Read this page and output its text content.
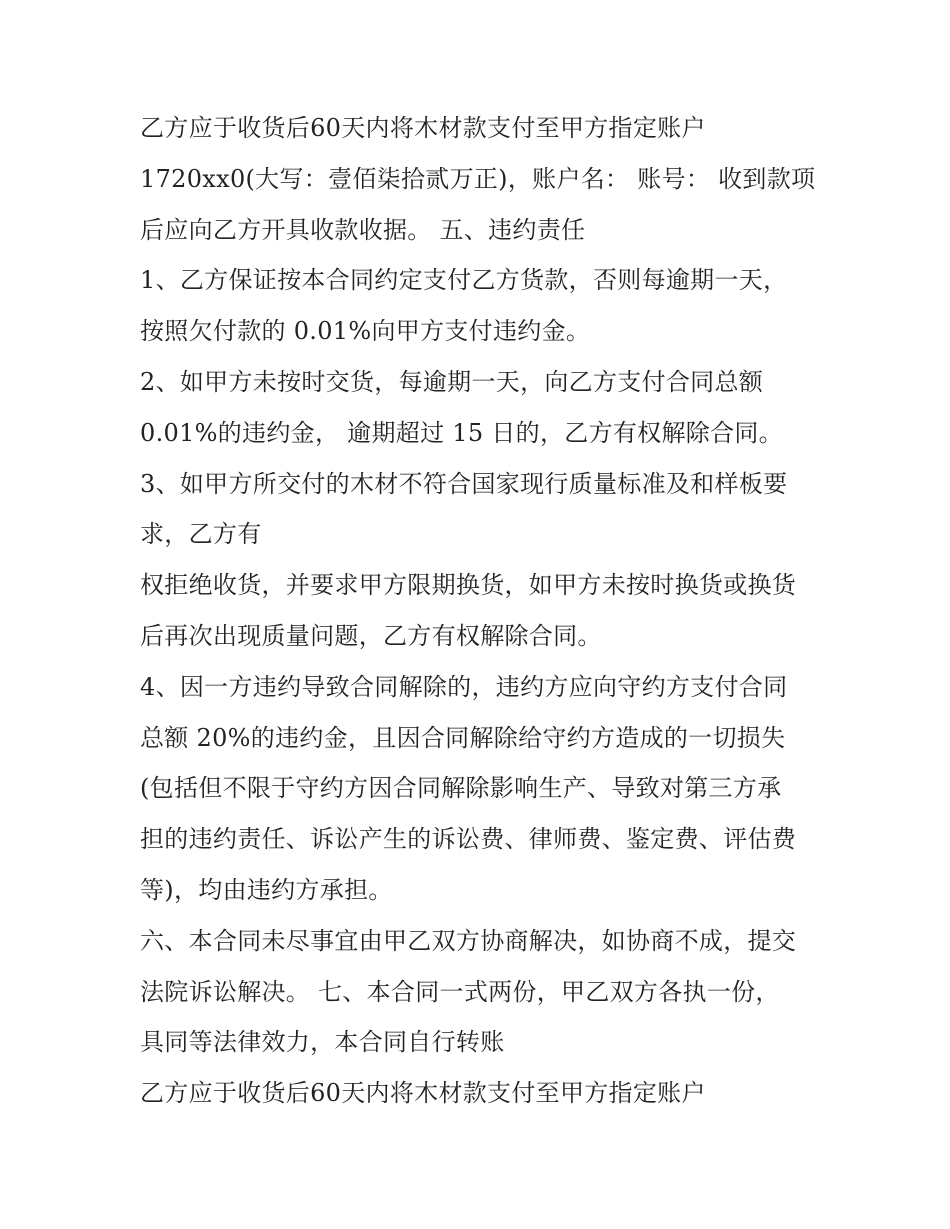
乙方应于收货后60天内将木材款支付至甲方指定账户
1720xx0(大写：壹佰柒拾贰万正)，账户名： 账号： 收到款项
后应向乙方开具收款收据。 五、违约责任
1、乙方保证按本合同约定支付乙方货款，否则每逾期一天，
按照欠付款的 0.01%向甲方支付违约金。
2、如甲方未按时交货，每逾期一天，向乙方支付合同总额
0.01%的违约金， 逾期超过 15 日的，乙方有权解除合同。
3、如甲方所交付的木材不符合国家现行质量标准及和样板要
求，乙方有
权拒绝收货，并要求甲方限期换货，如甲方未按时换货或换货
后再次出现质量问题，乙方有权解除合同。
4、因一方违约导致合同解除的，违约方应向守约方支付合同
总额 20%的违约金，且因合同解除给守约方造成的一切损失
(包括但不限于守约方因合同解除影响生产、导致对第三方承
担的违约责任、诉讼产生的诉讼费、律师费、鉴定费、评估费
等)，均由违约方承担。
六、本合同未尽事宜由甲乙双方协商解决，如协商不成，提交
法院诉讼解决。 七、本合同一式两份，甲乙双方各执一份，
具同等法律效力，本合同自行转账
乙方应于收货后60天内将木材款支付至甲方指定账户
